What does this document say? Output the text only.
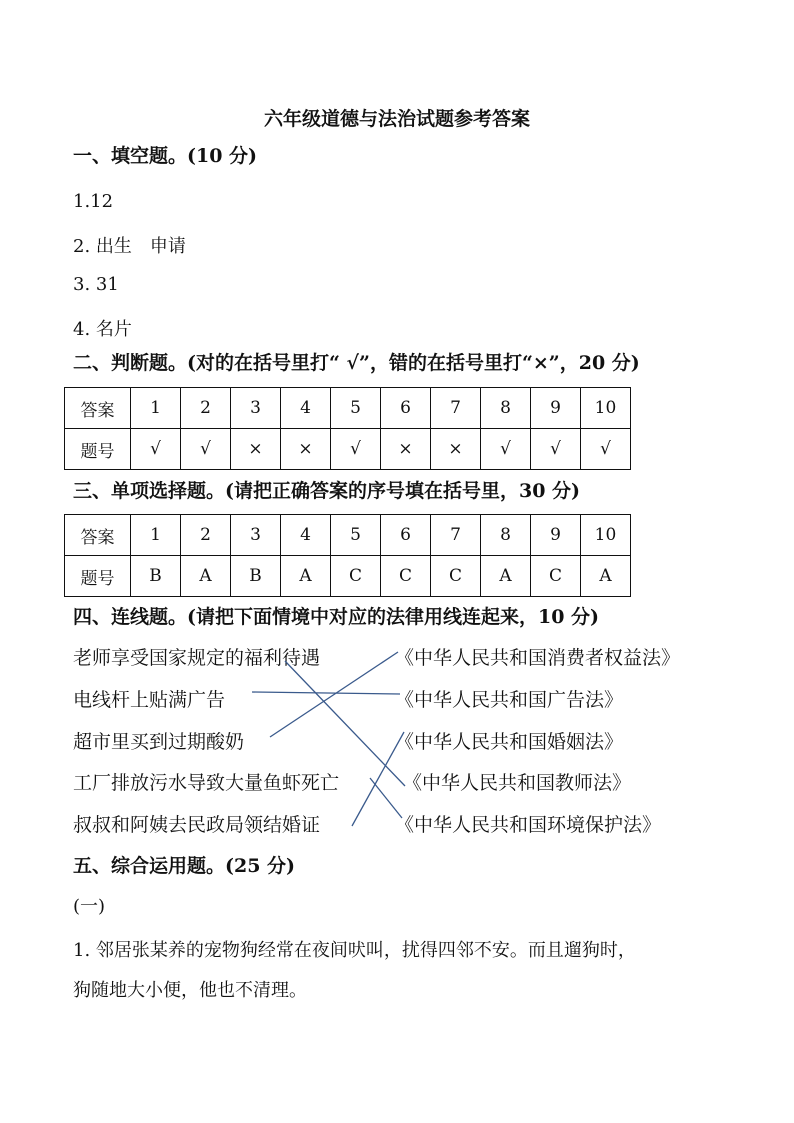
六年级道德与法治试题参考答案
一、填空题。(10 分)
1.12
2. 出生　申请
3. 31
4. 名片
二、判断题。(对的在括号里打“ √”，错的在括号里打“×”，20 分)
答案	1	2	3	4	5	6	7	8	9	10
题号	√	√	×	×	√	×	×	√	√	√
三、单项选择题。(请把正确答案的序号填在括号里，30 分)
答案	1	2	3	4	5	6	7	8	9	10
题号	B	A	B	A	C	C	C	A	C	A
四、连线题。(请把下面情境中对应的法律用线连起来，10 分)
老师享受国家规定的福利待遇
电线杆上贴满广告
超市里买到过期酸奶
工厂排放污水导致大量鱼虾死亡
叔叔和阿姨去民政局领结婚证
《中华人民共和国消费者权益法》
《中华人民共和国广告法》
《中华人民共和国婚姻法》
《中华人民共和国教师法》
《中华人民共和国环境保护法》
五、综合运用题。(25 分)
(一)
1. 邻居张某养的宠物狗经常在夜间吠叫，扰得四邻不安。而且遛狗时，
狗随地大小便，他也不清理。
